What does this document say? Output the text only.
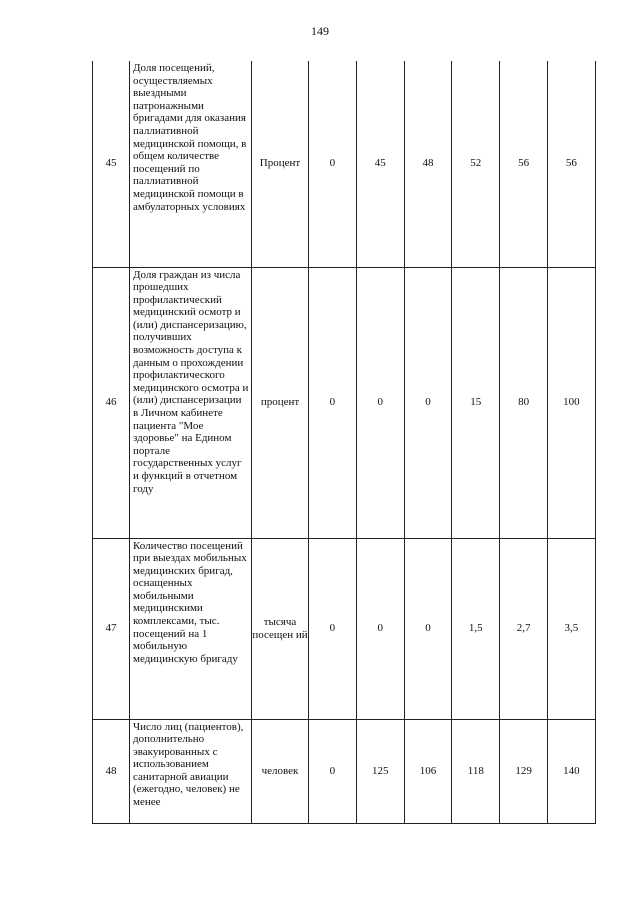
149
45	Доля посещений, осуществляемых выездными патронажными бригадами для оказания паллиативной медицинской помощи, в общем количестве посещений по паллиативной медицинской помощи в амбулаторных условиях	Процент	0	45	48	52	56	56
46	Доля граждан из числа прошедших профилактический медицинский осмотр и (или) диспансеризацию, получивших возможность доступа к данным о прохождении профилактического медицинского осмотра и (или) диспансеризации в Личном кабинете пациента "Мое здоровье" на Едином портале государственных услуг и функций в отчетном году	процент	0	0	0	15	80	100
47	Количество посещений при выездах мобильных медицинских бригад, оснащенных мобильными медицинскими комплексами, тыс. посещений на 1 мобильную медицинскую бригаду	тысяча посещен ий	0	0	0	1,5	2,7	3,5
48	Число лиц (пациентов), дополнительно эвакуированных с использованием санитарной авиации (ежегодно, человек) не менее	человек	0	125	106	118	129	140
